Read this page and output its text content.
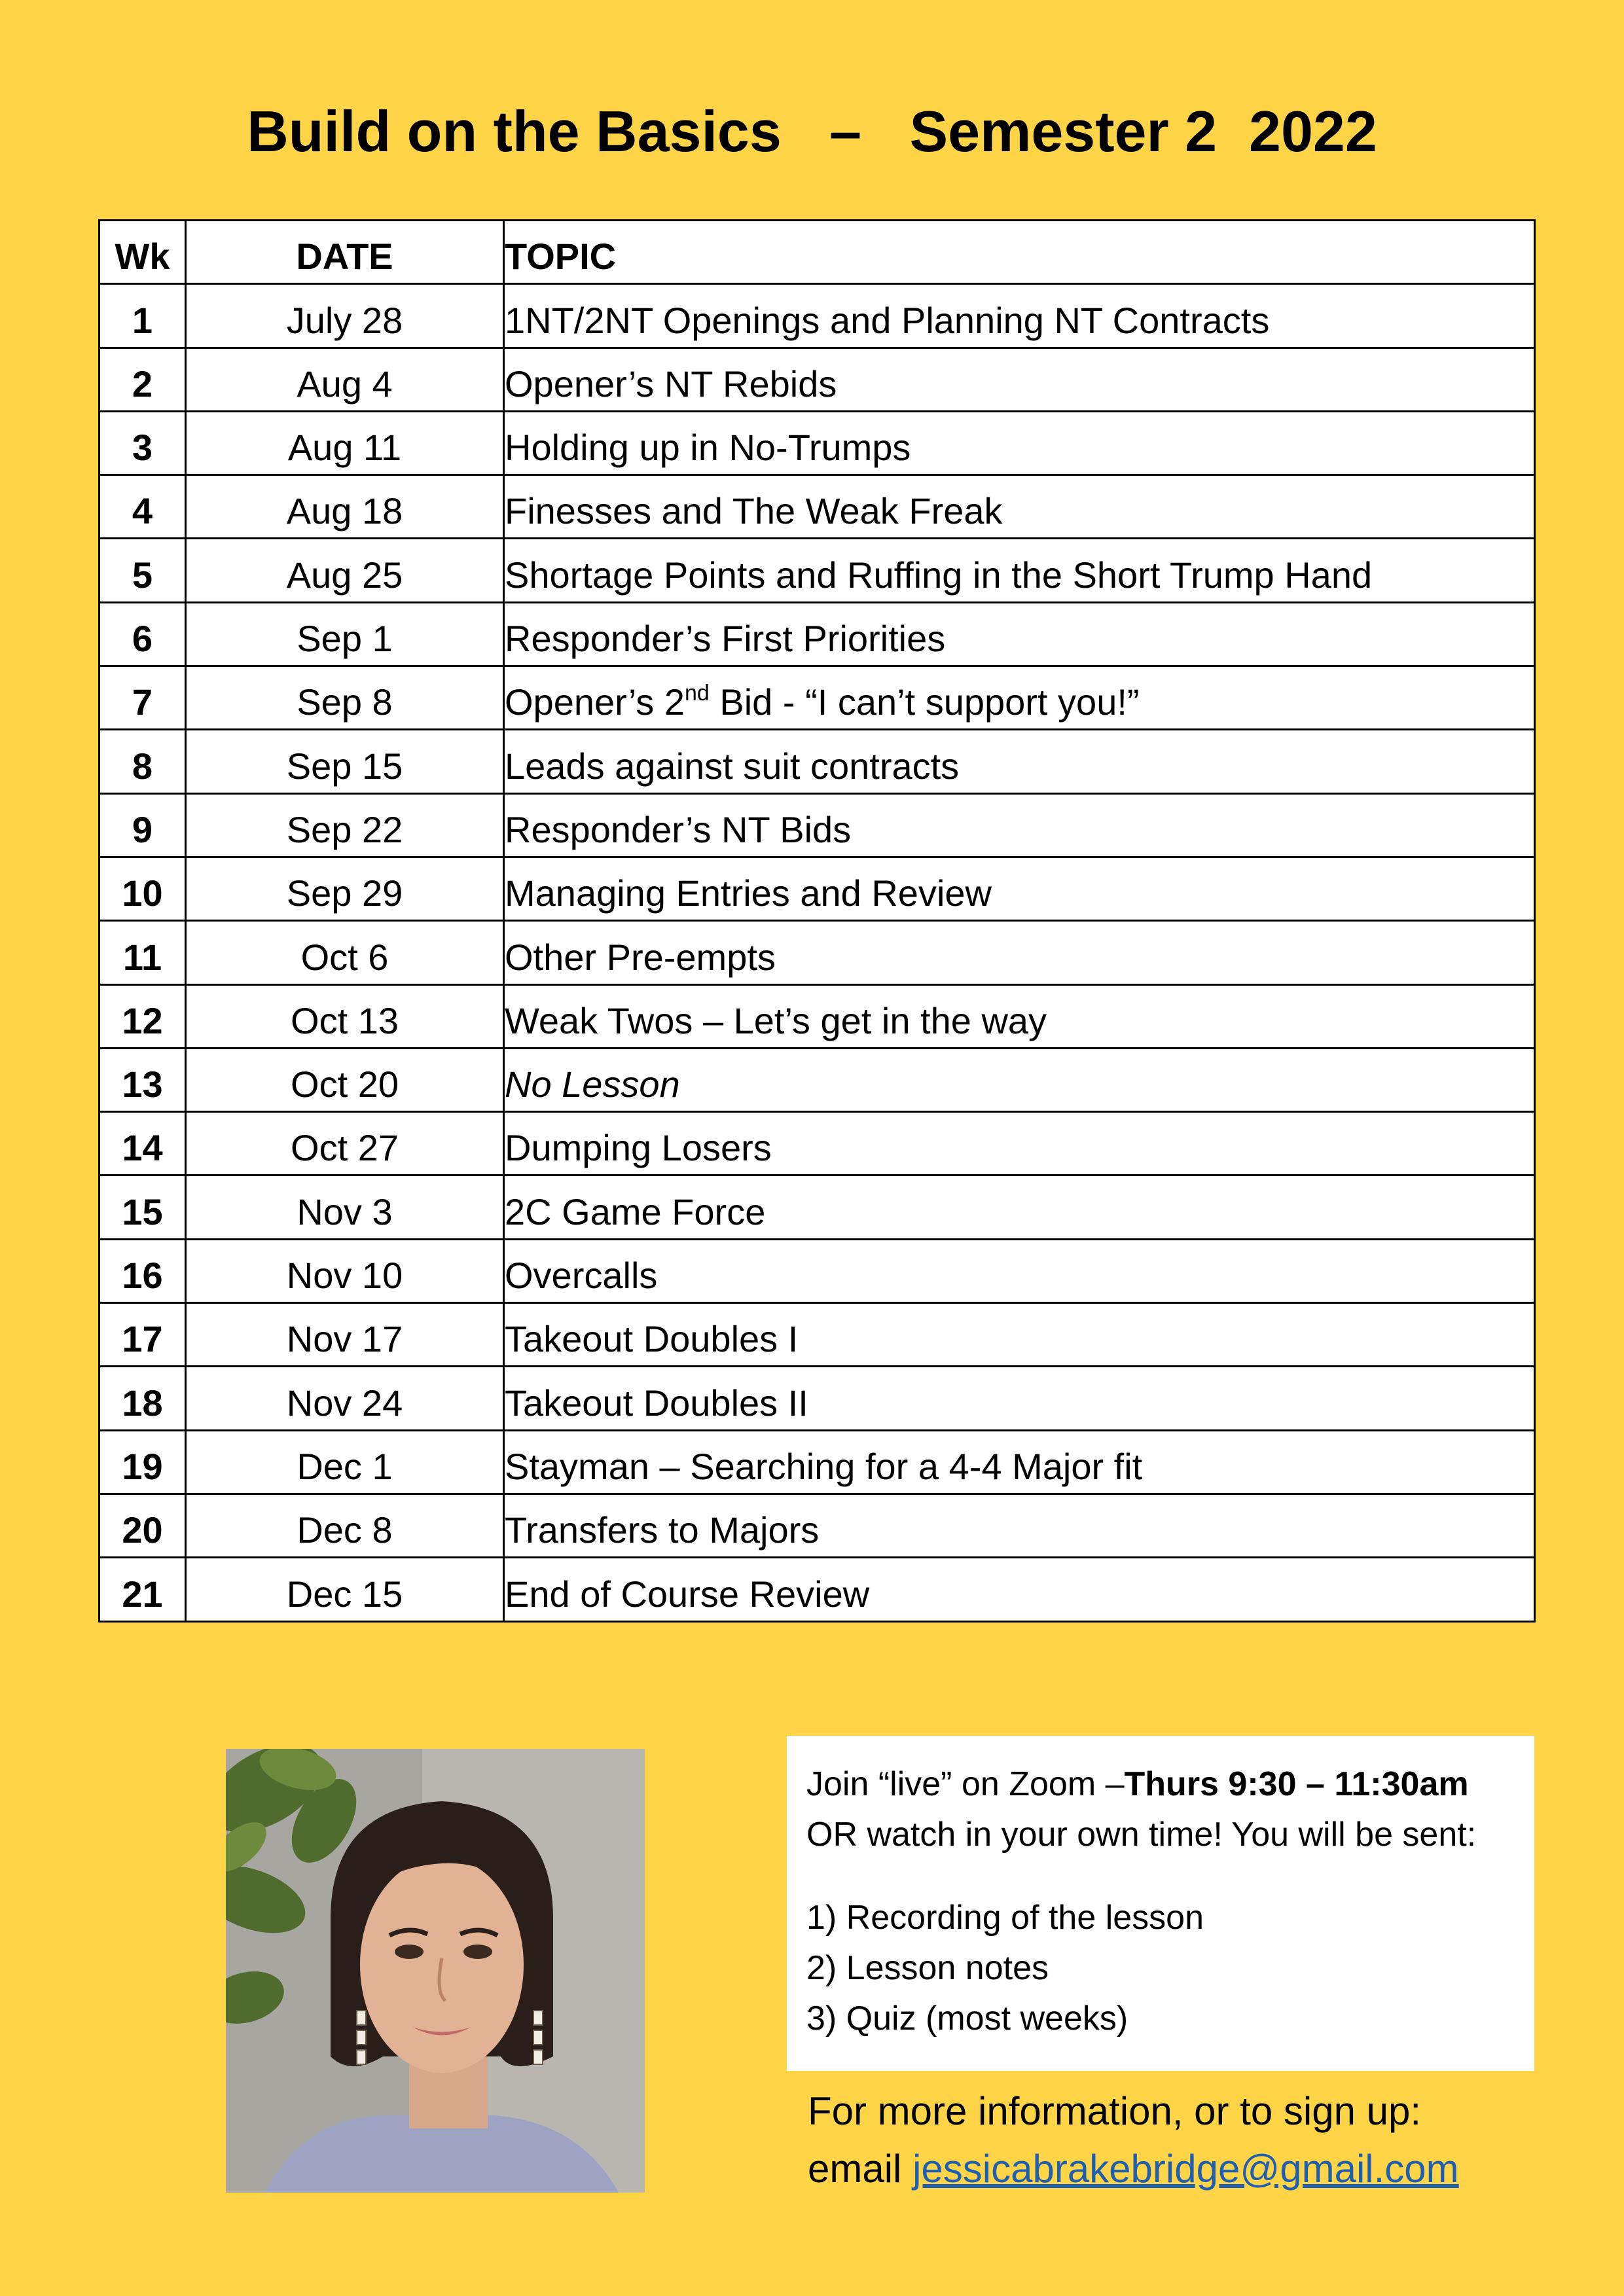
Build on the Basics   –   Semester 2  2022
Wk	DATE	TOPIC
1	July 28	1NT/2NT Openings and Planning NT Contracts
2	Aug 4	Opener’s NT Rebids
3	Aug 11	Holding up in No-Trumps
4	Aug 18	Finesses and The Weak Freak
5	Aug 25	Shortage Points and Ruffing in the Short Trump Hand
6	Sep 1	Responder’s First Priorities
7	Sep 8	Opener’s 2nd Bid - “I can’t support you!”
8	Sep 15	Leads against suit contracts
9	Sep 22	Responder’s NT Bids
10	Sep 29	Managing Entries and Review
11	Oct 6	Other Pre-empts
12	Oct 13	Weak Twos – Let’s get in the way
13	Oct 20	No Lesson
14	Oct 27	Dumping Losers
15	Nov 3	2C Game Force
16	Nov 10	Overcalls
17	Nov 17	Takeout Doubles I
18	Nov 24	Takeout Doubles II
19	Dec 1	Stayman – Searching for a 4-4 Major fit
20	Dec 8	Transfers to Majors
21	Dec 15	End of Course Review
Join “live” on Zoom –Thurs 9:30 – 11:30am
OR watch in your own time! You will be sent:
1) Recording of the lesson
2) Lesson notes
3) Quiz (most weeks)
For more information, or to sign up:
email jessicabrakebridge@gmail.com
